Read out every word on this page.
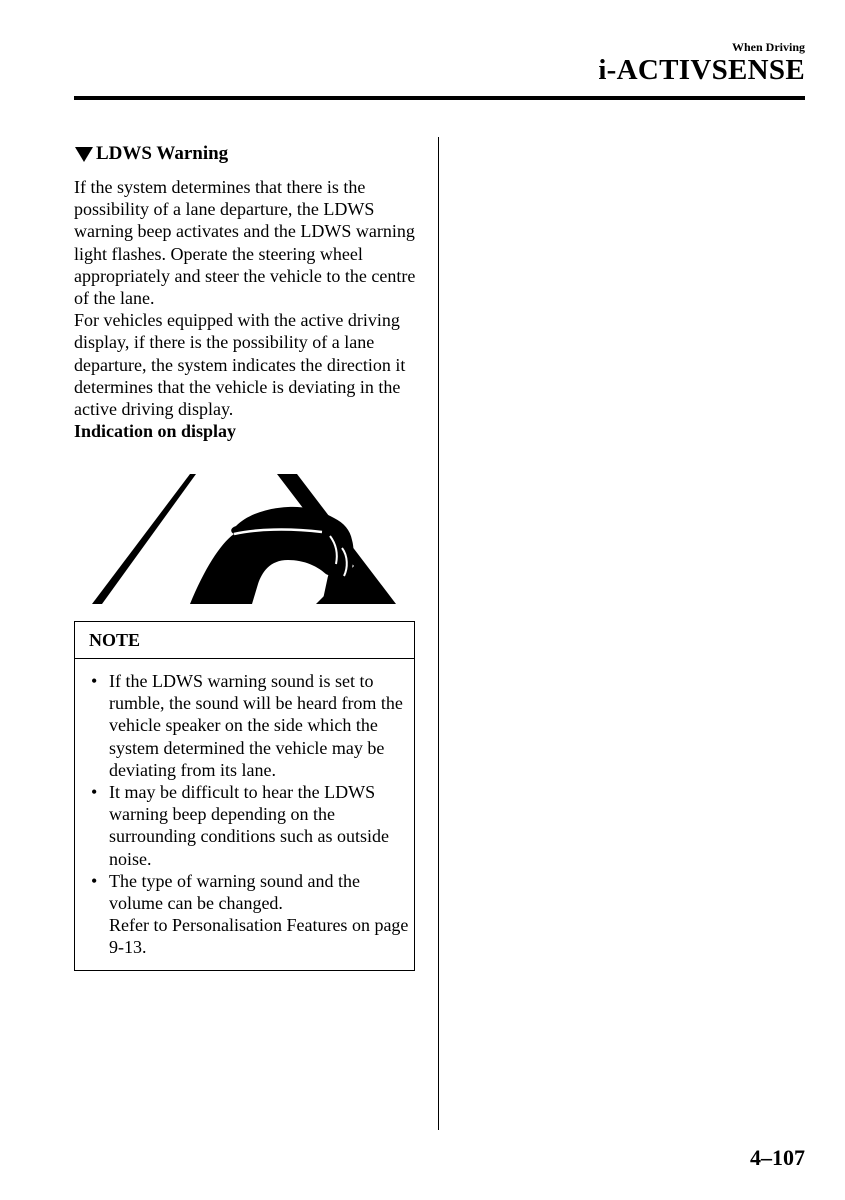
When Driving
i-ACTIVSENSE
LDWS Warning

If the system determines that there is the possibility of a lane departure, the LDWS warning beep activates and the LDWS warning light flashes. Operate the steering wheel appropriately and steer the vehicle to the centre of the lane.

For vehicles equipped with the active driving display, if there is the possibility of a lane departure, the system indicates the direction it determines that the vehicle is deviating in the active driving display.

Indication on display

NOTE
• If the LDWS warning sound is set to rumble, the sound will be heard from the vehicle speaker on the side which the system determined the vehicle may be deviating from its lane.
• It may be difficult to hear the LDWS warning beep depending on the surrounding conditions such as outside noise.
• The type of warning sound and the volume can be changed.
Refer to Personalisation Features on page 9-13.
4–107
